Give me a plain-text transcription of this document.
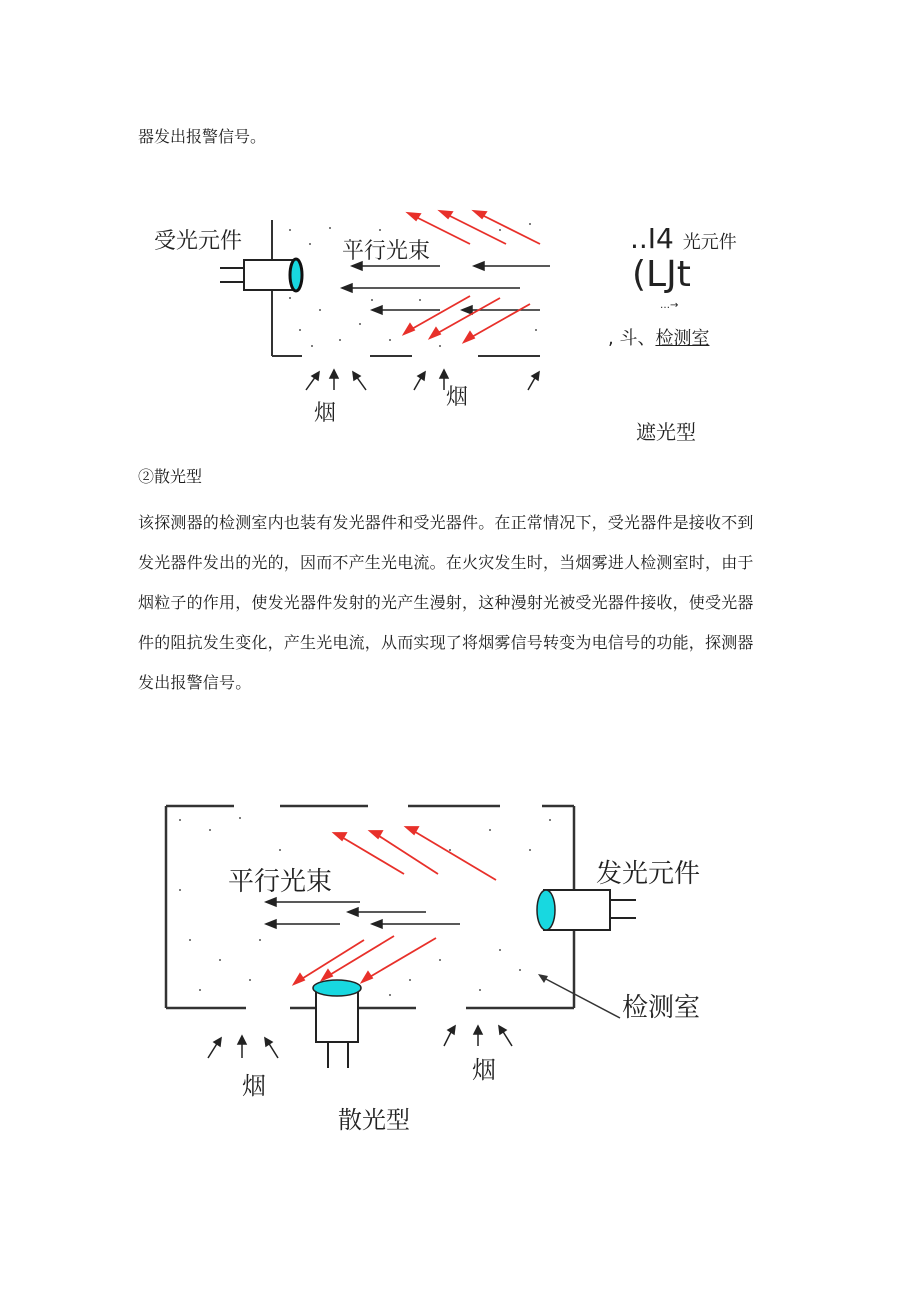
器发出报警信号。
受光元件	平行光束
烟
烟
..I4 光元件
(LJt
…→
, 斗、检测室
遮光型
②散光型
该探测器的检测室内也装有发光器件和受光器件。在正常情况下，受光器件是接收不到
发光器件发出的光的，因而不产生光电流。在火灾发生时，当烟雾进人检测室时，由于
烟粒子的作用，使发光器件发射的光产生漫射，这种漫射光被受光器件接收，使受光器
件的阻抗发生变化，产生光电流，从而实现了将烟雾信号转变为电信号的功能，探测器
发出报警信号。
平行光束	发光元件
检测室
烟
烟
散光型
